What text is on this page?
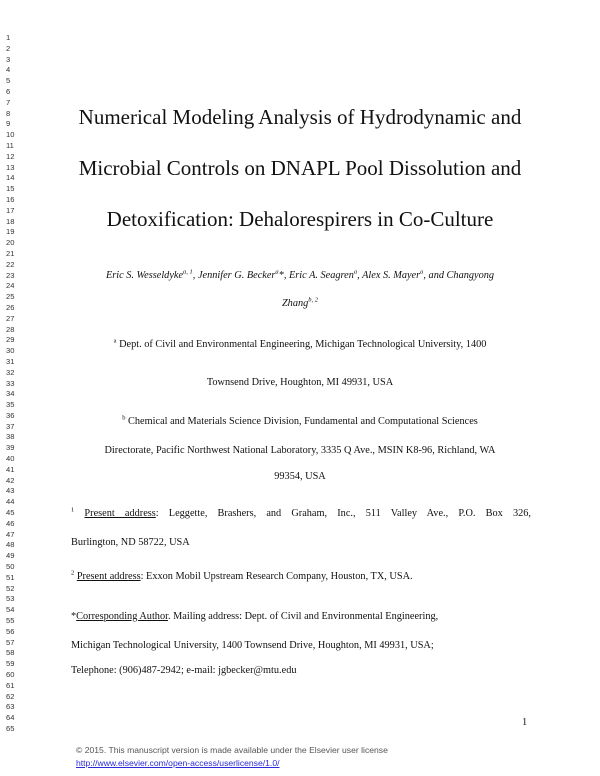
1
2
3
4
5
6
7
8
9
10
11
12
13
14
15
16
17
18
19
20
21
22
23
24
25
26
27
28
29
30
31
32
33
34
35
36
37
38
39
40
41
42
43
44
45
46
47
48
49
50
51
52
53
54
55
56
57
58
59
60
61
62
63
64
65
Numerical Modeling Analysis of Hydrodynamic and
Microbial Controls on DNAPL Pool Dissolution and
Detoxification: Dehalorespirers in Co-Culture
Eric S. Wesseldyke$^{a, 1}$, Jennifer G. Becker$^a$*, Eric A. Seagren$^a$, Alex S. Mayer$^a$, and Changyong
Zhang$^{b, 2}$
$^a$ Dept. of Civil and Environmental Engineering, Michigan Technological University, 1400
Townsend Drive, Houghton, MI 49931, USA
$^b$ Chemical and Materials Science Division, Fundamental and Computational Sciences
Directorate, Pacific Northwest National Laboratory, 3335 Q Ave., MSIN K8-96, Richland, WA
99354, USA
$^1$ Present address: Leggette, Brashers, and Graham, Inc., 511 Valley Ave., P.O. Box 326,
Burlington, ND 58722, USA
$^2$ Present address: Exxon Mobil Upstream Research Company, Houston, TX, USA.
*Corresponding Author. Mailing address: Dept. of Civil and Environmental Engineering,
Michigan Technological University, 1400 Townsend Drive, Houghton, MI 49931, USA;
Telephone: (906)487-2942; e-mail: jgbecker@mtu.edu
1
© 2015. This manuscript version is made available under the Elsevier user license
http://www.elsevier.com/open-access/userlicense/1.0/
